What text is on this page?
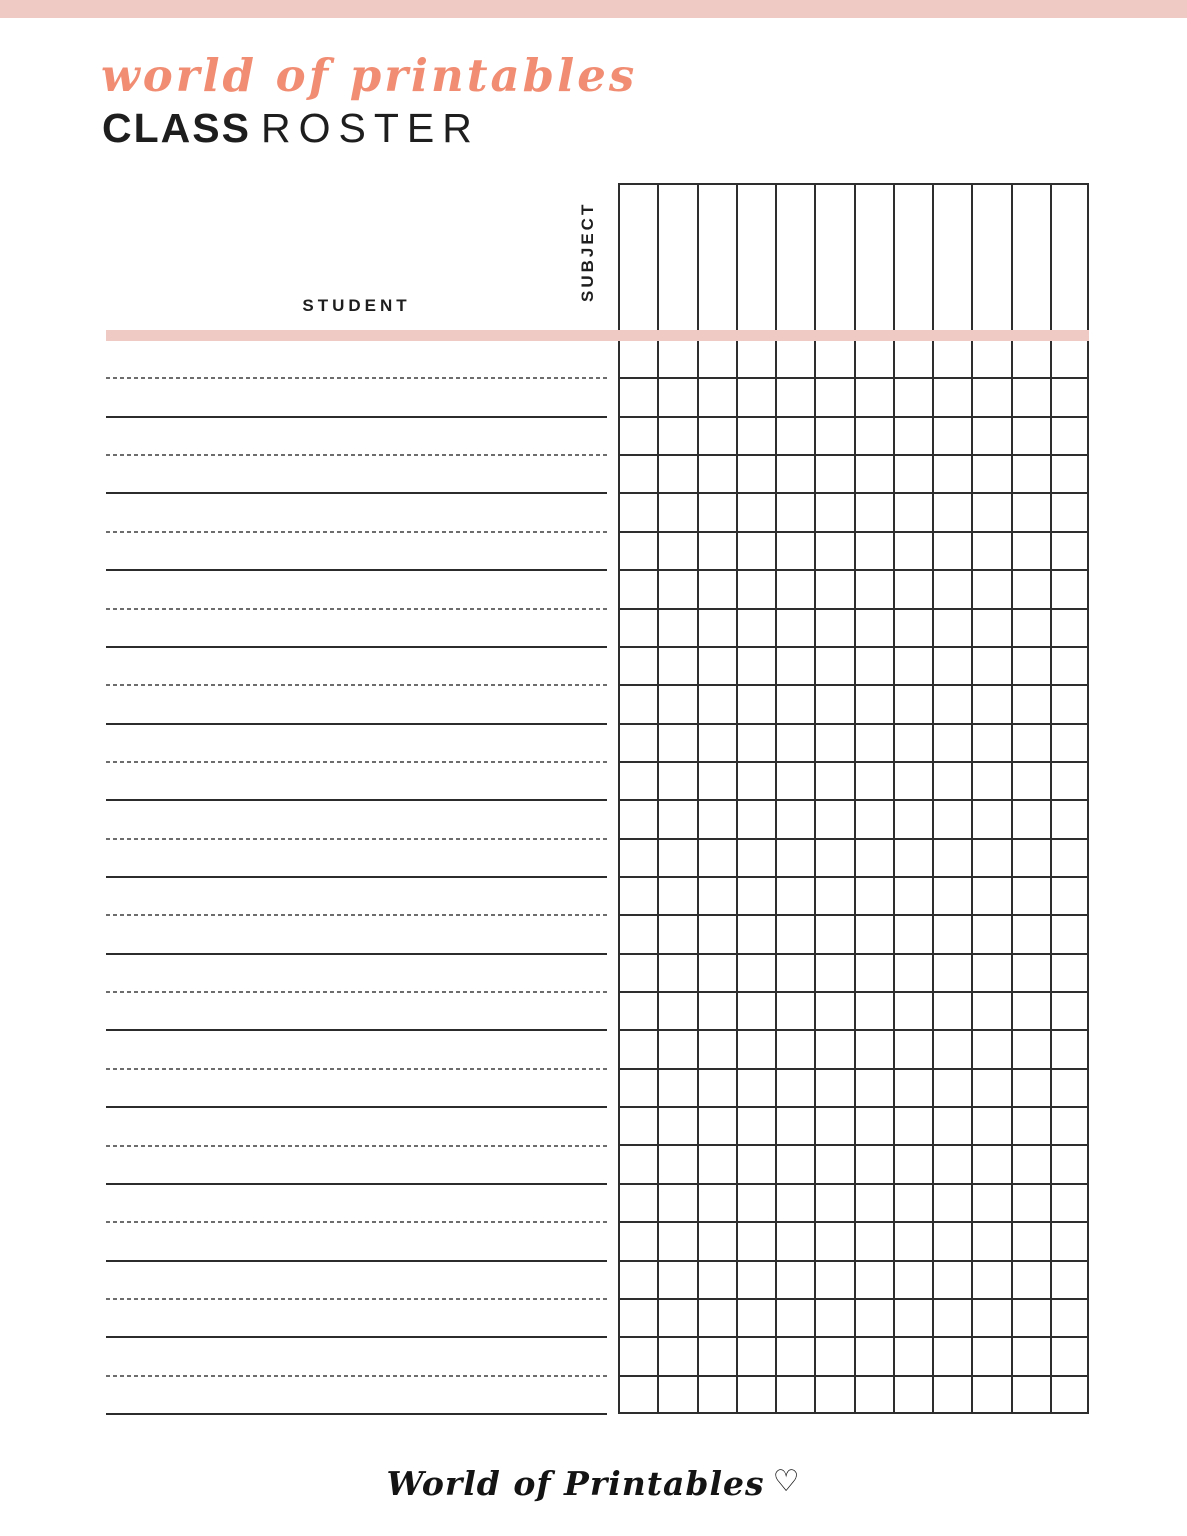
world of printables
CLASS ROSTER
STUDENT
SUBJECT
World of Printables ♡
